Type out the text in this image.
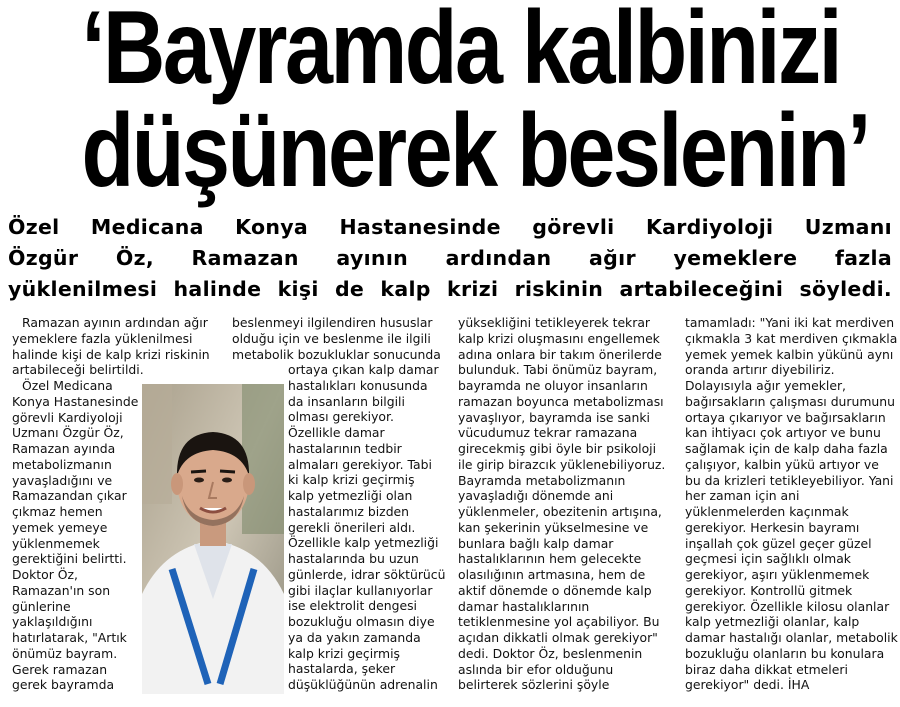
‘Bayramda kalbinizi
düşünerek beslenin’
Özel Medicana Konya Hastanesinde görevli Kardiyoloji Uzmanı
Özgür Öz, Ramazan ayının ardından ağır yemeklere fazla
yüklenilmesi halinde kişi de kalp krizi riskinin artabileceğini söyledi.
Ramazan ayının ardından ağır
yemeklere fazla yüklenilmesi
halinde kişi de kalp krizi riskinin
artabileceği belirtildi.
Özel Medicana
Konya Hastanesinde
görevli Kardiyoloji
Uzmanı Özgür Öz,
Ramazan ayında
metabolizmanın
yavaşladığını ve
Ramazandan çıkar
çıkmaz hemen
yemek yemeye
yüklenmemek
gerektiğini belirtti.
Doktor Öz,
Ramazan'ın son
günlerine
yaklaşıldığını
hatırlatarak, "Artık
önümüz bayram.
Gerek ramazan
gerek bayramda
beslenmeyi ilgilendiren hususlar
olduğu için ve beslenme ile ilgili
metabolik bozukluklar sonucunda
ortaya çıkan kalp damar
hastalıkları konusunda
da insanların bilgili
olması gerekiyor.
Özellikle damar
hastalarının tedbir
almaları gerekiyor. Tabi
ki kalp krizi geçirmiş
kalp yetmezliği olan
hastalarımız bizden
gerekli önerileri aldı.
Özellikle kalp yetmezliği
hastalarında bu uzun
günlerde, idrar söktürücü
gibi ilaçlar kullanıyorlar
ise elektrolit dengesi
bozukluğu olmasın diye
ya da yakın zamanda
kalp krizi geçirmiş
hastalarda, şeker
düşüklüğünün adrenalin
yüksekliğini tetikleyerek tekrar
kalp krizi oluşmasını engellemek
adına onlara bir takım önerilerde
bulunduk. Tabi önümüz bayram,
bayramda ne oluyor insanların
ramazan boyunca metabolizması
yavaşlıyor, bayramda ise sanki
vücudumuz tekrar ramazana
girecekmiş gibi öyle bir psikoloji
ile girip birazcık yüklenebiliyoruz.
Bayramda metabolizmanın
yavaşladığı dönemde ani
yüklenmeler, obezitenin artışına,
kan şekerinin yükselmesine ve
bunlara bağlı kalp damar
hastalıklarının hem gelecekte
olasılığının artmasına, hem de
aktif dönemde o dönemde kalp
damar hastalıklarının
tetiklenmesine yol açabiliyor. Bu
açıdan dikkatli olmak gerekiyor"
dedi. Doktor Öz, beslenmenin
aslında bir efor olduğunu
belirterek sözlerini şöyle
tamamladı: "Yani iki kat merdiven
çıkmakla 3 kat merdiven çıkmakla
yemek yemek kalbin yükünü aynı
oranda artırır diyebiliriz.
Dolayısıyla ağır yemekler,
bağırsakların çalışması durumunu
ortaya çıkarıyor ve bağırsakların
kan ihtiyacı çok artıyor ve bunu
sağlamak için de kalp daha fazla
çalışıyor, kalbin yükü artıyor ve
bu da krizleri tetikleyebiliyor. Yani
her zaman için ani
yüklenmelerden kaçınmak
gerekiyor. Herkesin bayramı
inşallah çok güzel geçer güzel
geçmesi için sağlıklı olmak
gerekiyor, aşırı yüklenmemek
gerekiyor. Kontrollü gitmek
gerekiyor. Özellikle kilosu olanlar
kalp yetmezliği olanlar, kalp
damar hastalığı olanlar, metabolik
bozukluğu olanların bu konulara
biraz daha dikkat etmeleri
gerekiyor" dedi. İHA
